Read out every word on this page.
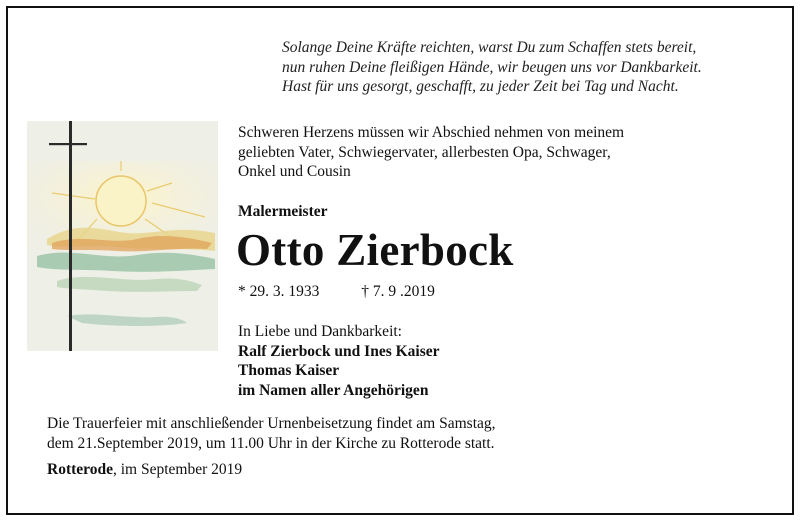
Solange Deine Kräfte reichten, warst Du zum Schaffen stets bereit,
nun ruhen Deine fleißigen Hände, wir beugen uns vor Dankbarkeit.
Hast für uns gesorgt, geschafft, zu jeder Zeit bei Tag und Nacht.
Schweren Herzens müssen wir Abschied nehmen von meinem
geliebten Vater, Schwiegervater, allerbesten Opa, Schwager,
Onkel und Cousin
Malermeister
Otto Zierbock
* 29. 3. 1933	† 7. 9 .2019
In Liebe und Dankbarkeit:
Ralf Zierbock und Ines Kaiser
Thomas Kaiser
im Namen aller Angehörigen
Die Trauerfeier mit anschließender Urnenbeisetzung findet am Samstag,
dem 21.September 2019, um 11.00 Uhr in der Kirche zu Rotterode statt.
Rotterode, im September 2019
